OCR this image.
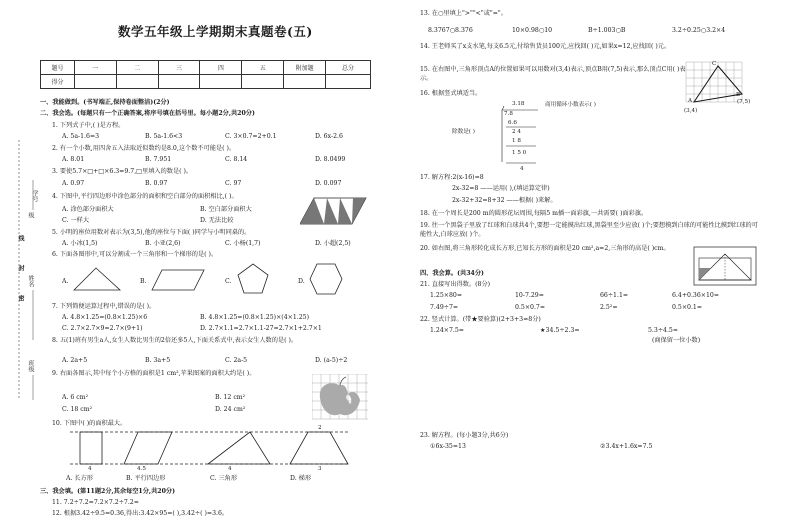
学号
姓名
级
班级
线
封
密
数学五年级上学期期末真题卷(五)
题号	一	二	三	四	五	附加题	总分
得分							
一、我能做到。(书写端正,保持卷面整洁)(2分)
二、我会选。(每题只有一个正确答案,将序号填在括号里。每小题2分,共20分)
1. 下列式子中,( )是方程。
A. 5a-1.6=3	B. 5a-1.6<3	C. 3×0.7=2+0.1	D. 6x-2.6
2. 有一个小数,用四舍五入法取近似数约是8.0,这个数不可能是( )。
A. 8.01	B. 7.951	C. 8.14	D. 8.0499
3. 要使5.7×□+□×6.3=9.7,□里填入的数是( )。
A. 0.97	B. 0.97	C. 97	D. 0.097
4. 下图中,平行四边形中涂色部分的面积和空白部分的面积相比,( )。
A. 涂色部分面积大	B. 空白部分面积大
C. 一样大	D. 无法比较
5. 小明的座位用数对表示为(3,5),他的座位与下面( )同学与小明同桌的。
A. 小冰(1,5)	B. 小亚(2,6)	C. 小杨(1,7)	D. 小超(2,5)
6. 下面各图形中,可以分割成一个三角形和一个梯形的是( )。
A.	B.	C.	D.
7. 下列简便运算过程中,错误的是( )。
A. 4.8×1.25=(0.8×1.25)×6	B. 4.8×1.25=(0.8×1.25)×(4×1.25)
C. 2.7×2.7×9=2.7×(9+1)	D. 2.7×1.1=2.7×1.1-27=2.7×1+2.7×1
8. 五(1)班有男生a人,女生人数比男生的2倍还多5人,下面关系式中,表示女生人数的是( )。
A. 2a+5	B. 3a+5	C. 2a-5	D. (a-5)÷2
9. 右面各图示,其中每个小方格的面积是1 cm²,苹果图案的面积大约是( )。
A. 6 cm²	B. 12 cm²
C. 18 cm²	D. 24 cm²
10. 下图中( )的面积最大。
4	4.5	4
2
3
A. 长方形	B. 平行四边形	C. 三角形	D. 梯形
三、我会填。(第11题2分,其余每空1分,共20分)
11. 7.2÷7.2=7.2×7.2÷7.2=
12. 根据3.42÷9.5=0.36,得出:3.42×95=( ),3.42÷( )=3.6。
13. 在○里填上">""<"或"="。
8.3767○8.376	10×0.98○10	B÷1.003○B	3.2÷0.25○3.2×4
14. 王老师买了x支水笔,每支6.5元,付给售货员100元,应找回( )元,如果x=12,应找回( )元。
15. 在右图中,三角形顶点A的位置如果可以用数对(3,4)表示,顶点B用(7,5)表示,那么顶点C用( )表示。
A
B
C
(3,4)
(7,5)
16. 根据竖式填适当。
商用循环小数表示( )
除数是( )
3.18
7.8
6.6
2 4
1 8
1 5 0
4
17. 解方程:2(x-16)=8
2x-32=8 ——运用( ),(填运算定律)
2x-32+32=8+32 ——根据( )来解。
18. 在一个周长是200 m的圆形花坛周围,每隔5 m插一面彩旗,一共需要( )面彩旗。
19. 往一个黑袋子里放了红球和白球共4个,要想一定能摸出红球,黑袋里至少应放( )个;要想摸到白球的可能性比摸到红球的可能性大,白球应放( )个。
20. 如右图,将三角形转化成长方形,已知长方形的面积是20 cm²,a=2,三角形的高是( )cm。
四、我会算。(共34分)
21. 直接写出得数。(8分)
1.25×80=	10-7.29=	66÷1.1=	6.4+0.36×10=
7.49÷7=	0.5×0.7=	2.5²=	0.5×0.1=
22. 竖式计算。(带★要验算)(2+3+3=8分)
1.24×7.5=	★34.5÷2.3=	5.3÷4.5≈
(商保留一位小数)
23. 解方程。(每小题3分,共6分)
①6x-35=13	②3.4x+1.6x=7.5
